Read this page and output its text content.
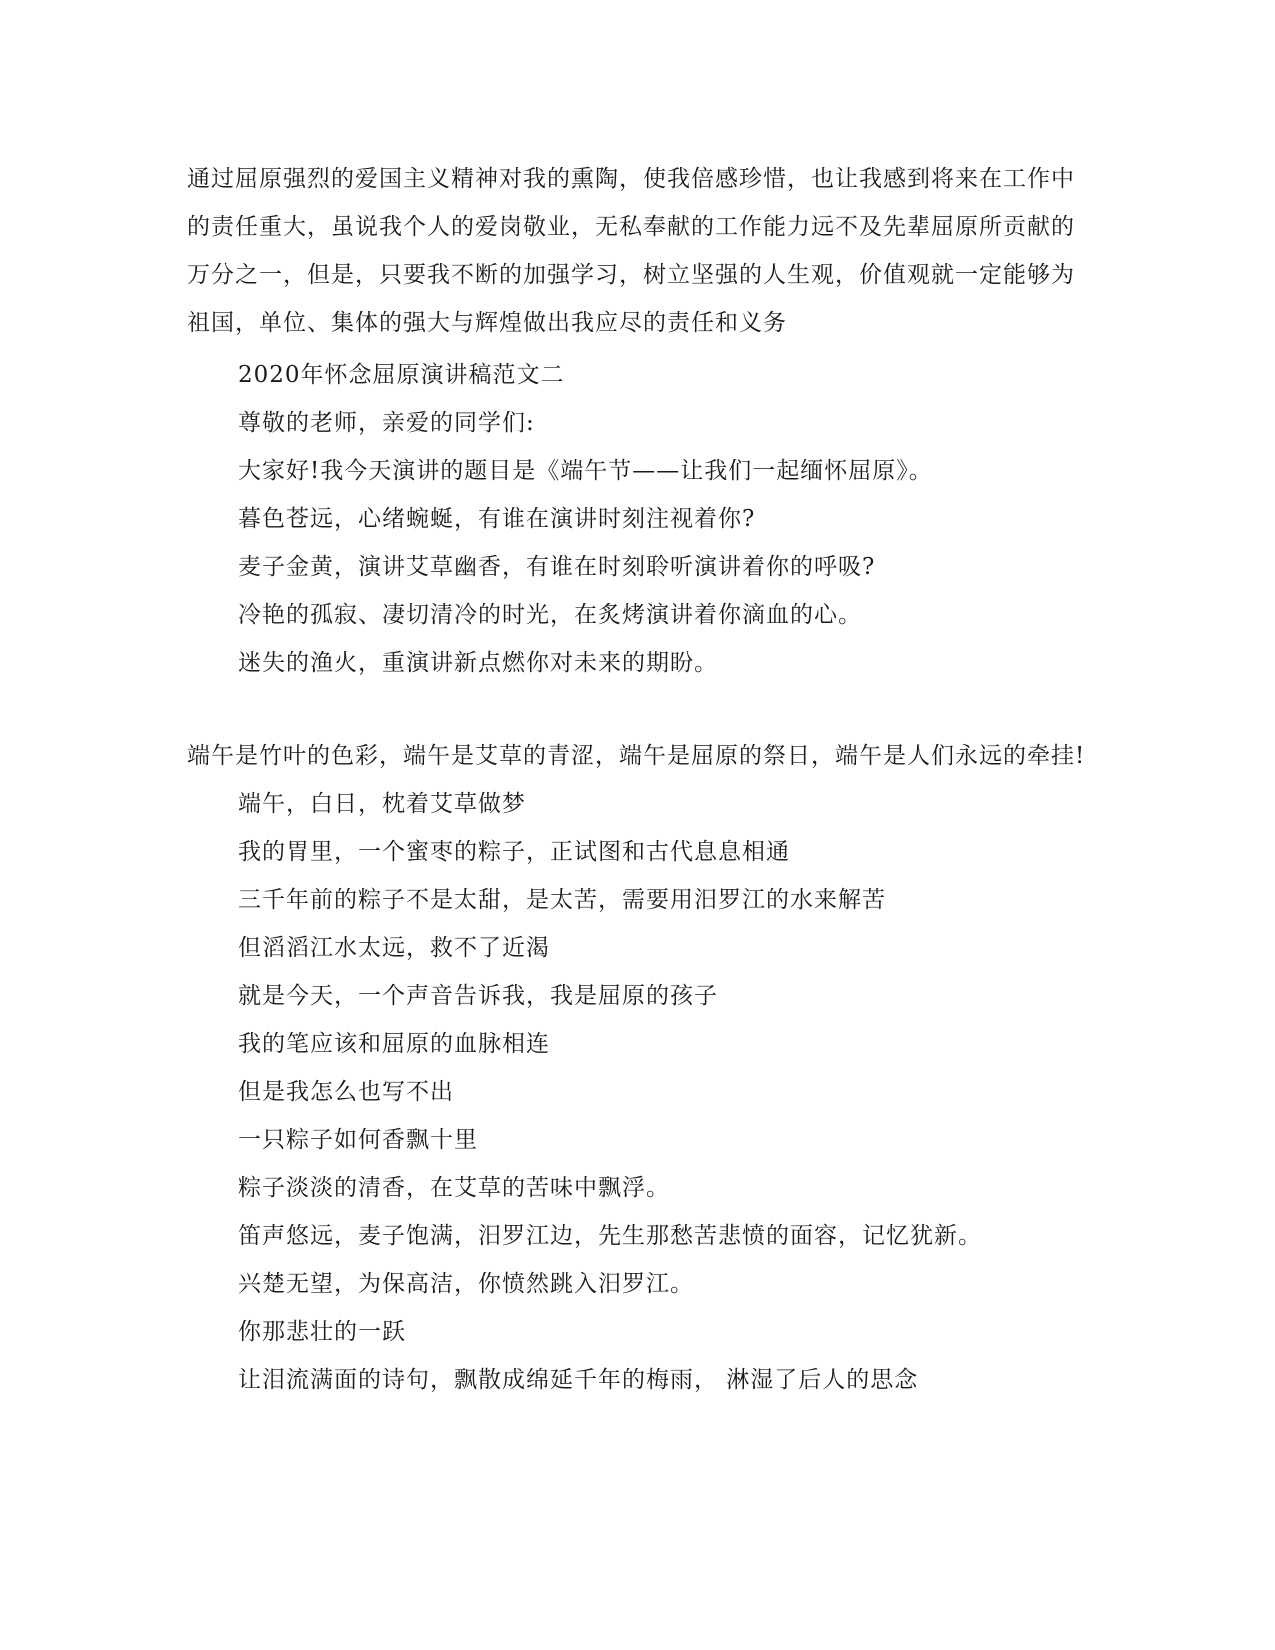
通过屈原强烈的爱国主义精神对我的熏陶，使我倍感珍惜，也让我感到将来在工作中的责任重大，虽说我个人的爱岗敬业，无私奉献的工作能力远不及先辈屈原所贡献的万分之一，但是，只要我不断的加强学习，树立坚强的人生观，价值观就一定能够为祖国，单位、集体的强大与辉煌做出我应尽的责任和义务

2020年怀念屈原演讲稿范文二

尊敬的老师，亲爱的同学们:

大家好!我今天演讲的题目是《端午节——让我们一起缅怀屈原》。

暮色苍远，心绪蜿蜒，有谁在演讲时刻注视着你?

麦子金黄，演讲艾草幽香，有谁在时刻聆听演讲着你的呼吸?

冷艳的孤寂、凄切清冷的时光，在炙烤演讲着你滴血的心。

迷失的渔火，重演讲新点燃你对未来的期盼。

端午是竹叶的色彩，端午是艾草的青涩，端午是屈原的祭日，端午是人们永远的牵挂!

端午，白日，枕着艾草做梦

我的胃里，一个蜜枣的粽子，正试图和古代息息相通

三千年前的粽子不是太甜，是太苦，需要用汨罗江的水来解苦

但滔滔江水太远，救不了近渴

就是今天，一个声音告诉我，我是屈原的孩子

我的笔应该和屈原的血脉相连

但是我怎么也写不出

一只粽子如何香飘十里

粽子淡淡的清香，在艾草的苦味中飘浮。

笛声悠远，麦子饱满，汨罗江边，先生那愁苦悲愤的面容，记忆犹新。

兴楚无望，为保高洁，你愤然跳入汨罗江。

你那悲壮的一跃

让泪流满面的诗句，飘散成绵延千年的梅雨， 淋湿了后人的思念
